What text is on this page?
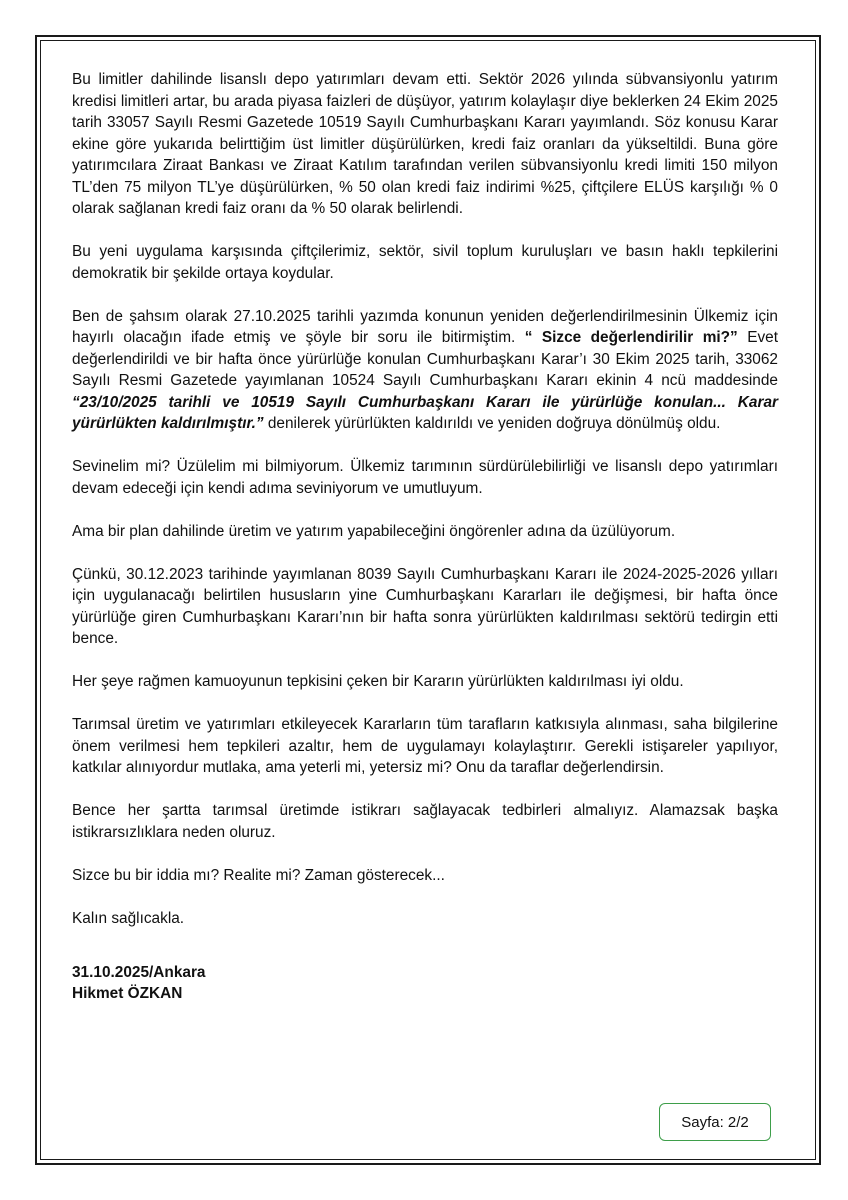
Bu limitler dahilinde lisanslı depo yatırımları devam etti. Sektör 2026 yılında sübvansiyonlu yatırım kredisi limitleri artar, bu arada piyasa faizleri de düşüyor, yatırım kolaylaşır diye beklerken 24 Ekim 2025 tarih 33057 Sayılı Resmi Gazetede 10519 Sayılı Cumhurbaşkanı Kararı yayımlandı. Söz konusu Karar ekine göre yukarıda belirttiğim üst limitler düşürülürken, kredi faiz oranları da yükseltildi. Buna göre yatırımcılara Ziraat Bankası ve Ziraat Katılım tarafından verilen sübvansiyonlu kredi limiti 150 milyon TL’den 75 milyon TL’ye düşürülürken, % 50 olan kredi faiz indirimi %25, çiftçilere ELÜS karşılığı % 0 olarak sağlanan kredi faiz oranı da % 50 olarak belirlendi.

Bu yeni uygulama karşısında çiftçilerimiz, sektör, sivil toplum kuruluşları ve basın haklı tepkilerini demokratik bir şekilde ortaya koydular.

Ben de şahsım olarak 27.10.2025 tarihli yazımda konunun yeniden değerlendirilmesinin Ülkemiz için hayırlı olacağın ifade etmiş ve şöyle bir soru ile bitirmiştim. “ Sizce değerlendirilir mi?” Evet değerlendirildi ve bir hafta önce yürürlüğe konulan Cumhurbaşkanı Karar’ı 30 Ekim 2025 tarih, 33062 Sayılı Resmi Gazetede yayımlanan 10524 Sayılı Cumhurbaşkanı Kararı ekinin 4 ncü maddesinde “23/10/2025 tarihli ve 10519 Sayılı Cumhurbaşkanı Kararı ile yürürlüğe konulan... Karar yürürlükten kaldırılmıştır.” denilerek yürürlükten kaldırıldı ve yeniden doğruya dönülmüş oldu.

Sevinelim mi? Üzülelim mi bilmiyorum. Ülkemiz tarımının sürdürülebilirliği ve lisanslı depo yatırımları devam edeceği için kendi adıma seviniyorum ve umutluyum.

Ama bir plan dahilinde üretim ve yatırım yapabileceğini öngörenler adına da üzülüyorum.

Çünkü, 30.12.2023 tarihinde yayımlanan 8039 Sayılı Cumhurbaşkanı Kararı ile 2024-2025-2026 yılları için uygulanacağı belirtilen hususların yine Cumhurbaşkanı Kararları ile değişmesi, bir hafta önce yürürlüğe giren Cumhurbaşkanı Kararı’nın bir hafta sonra yürürlükten kaldırılması sektörü tedirgin etti bence.

Her şeye rağmen kamuoyunun tepkisini çeken bir Kararın yürürlükten kaldırılması iyi oldu.

Tarımsal üretim ve yatırımları etkileyecek Kararların tüm tarafların katkısıyla alınması, saha bilgilerine önem verilmesi hem tepkileri azaltır, hem de uygulamayı kolaylaştırır. Gerekli istişareler yapılıyor, katkılar alınıyordur mutlaka, ama yeterli mi, yetersiz mi? Onu da taraflar değerlendirsin.

Bence her şartta tarımsal üretimde istikrarı sağlayacak tedbirleri almalıyız. Alamazsak başka istikrarsızlıklara neden oluruz.

Sizce bu bir iddia mı? Realite mi? Zaman gösterecek...

Kalın sağlıcakla.

31.10.2025/Ankara
Hikmet ÖZKAN
Sayfa: 2/2
